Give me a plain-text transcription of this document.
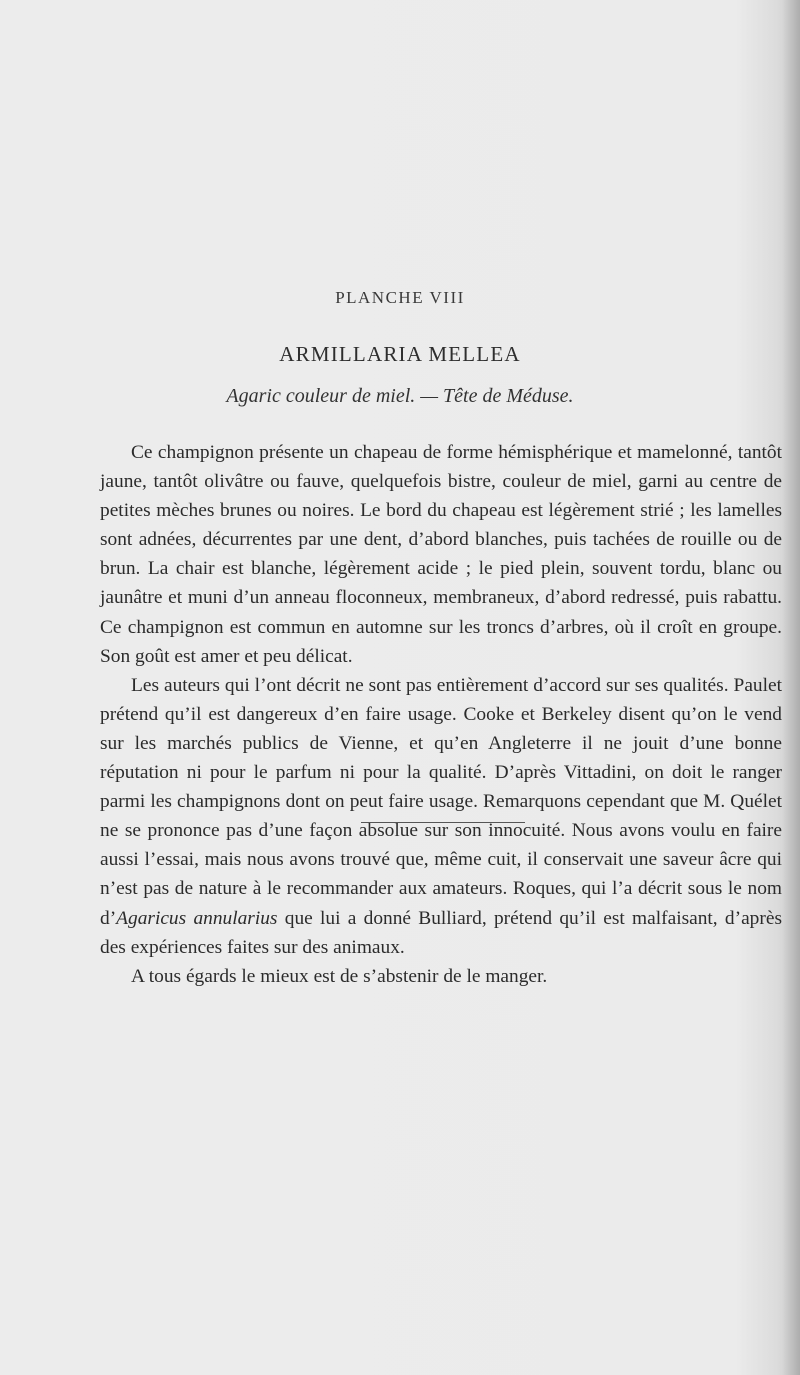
PLANCHE VIII
ARMILLARIA MELLEA
Agaric couleur de miel. — Tête de Méduse.

Ce champignon présente un chapeau de forme hémisphérique et mamelonné, tantôt jaune, tantôt olivâtre ou fauve, quelquefois bistre, couleur de miel, garni au centre de petites mèches brunes ou noires. Le bord du chapeau est légèrement strié ; les lamelles sont adnées, décurrentes par une dent, d’abord blanches, puis tachées de rouille ou de brun. La chair est blanche, légèrement acide ; le pied plein, souvent tordu, blanc ou jaunâtre et muni d’un anneau floconneux, membraneux, d’abord redressé, puis rabattu. Ce champignon est commun en automne sur les troncs d’arbres, où il croît en groupe. Son goût est amer et peu délicat.

Les auteurs qui l’ont décrit ne sont pas entièrement d’accord sur ses qualités. Paulet prétend qu’il est dangereux d’en faire usage. Cooke et Berkeley disent qu’on le vend sur les marchés publics de Vienne, et qu’en Angleterre il ne jouit d’une bonne réputation ni pour le parfum ni pour la qualité. D’après Vittadini, on doit le ranger parmi les champignons dont on peut faire usage. Remarquons cependant que M. Quélet ne se prononce pas d’une façon absolue sur son innocuité. Nous avons voulu en faire aussi l’essai, mais nous avons trouvé que, même cuit, il conservait une saveur âcre qui n’est pas de nature à le recommander aux amateurs. Roques, qui l’a décrit sous le nom d’Agaricus annularius que lui a donné Bulliard, prétend qu’il est malfaisant, d’après des expériences faites sur des animaux.

A tous égards le mieux est de s’abstenir de le manger.
